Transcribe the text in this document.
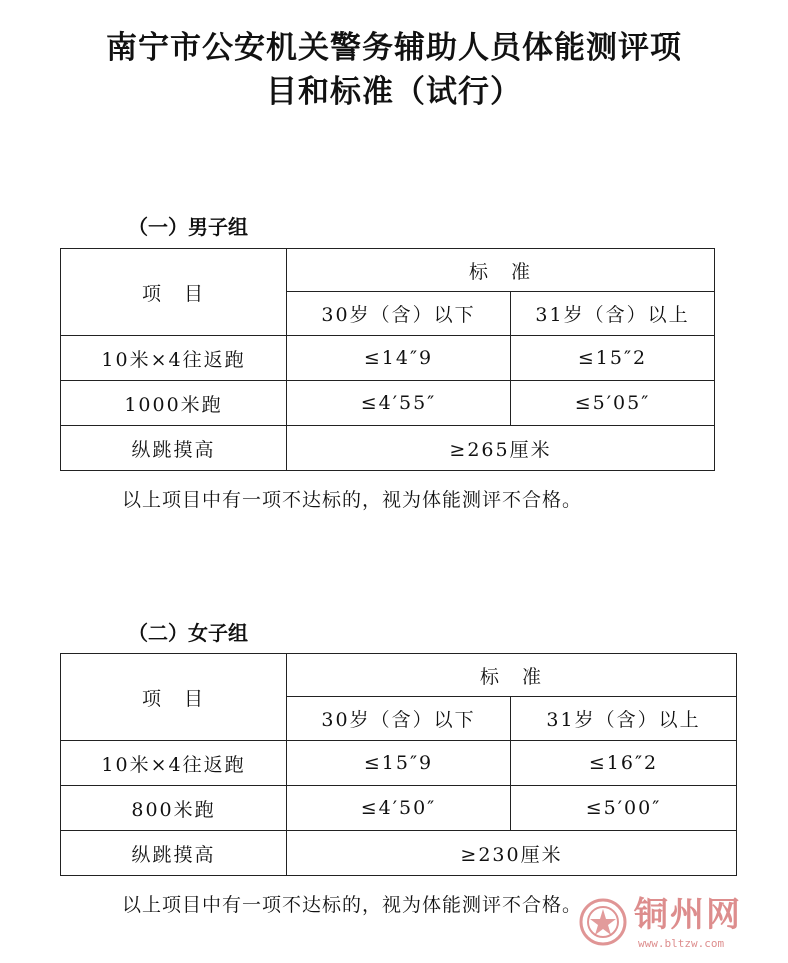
南宁市公安机关警务辅助人员体能测评项
目和标准（试行）
（一）男子组
项　目	标　准	
	30岁（含）以下	31岁（含）以上
10米×4往返跑	≤14″9	≤15″2
1000米跑	≤4′55″	≤5′05″
纵跳摸高	≥265厘米	
以上项目中有一项不达标的，视为体能测评不合格。
（二）女子组
项　目	标　准	
	30岁（含）以下	31岁（含）以上
10米×4往返跑	≤15″9	≤16″2
800米跑	≤4′50″	≤5′00″
纵跳摸高	≥230厘米	
以上项目中有一项不达标的，视为体能测评不合格。 铜州网
www.bltzw.com
